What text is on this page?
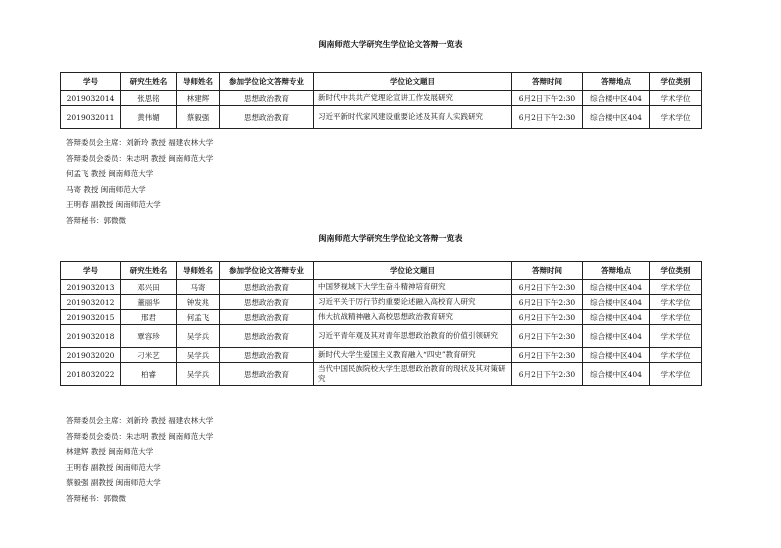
闽南师范大学研究生学位论文答辩一览表
学号	研究生姓名	导师姓名	参加学位论文答辩专业	学位论文题目	答辩时间	答辩地点	学位类别
2019032014	张思铭	林建辉	思想政治教育	新时代中共共产党理论宣讲工作发展研究	6月2日下午2:30	综合楼中区404	学术学位
2019032011	黄伟媚	蔡毅强	思想政治教育	习近平新时代家风建设重要论述及其育人实践研究	6月2日下午2:30	综合楼中区404	学术学位
答辩委员会主席：刘新玲 教授 福建农林大学
答辩委员会委员：朱志明 教授 闽南师范大学
何孟飞 教授 闽南师范大学
马寄 教授 闽南师范大学
王明春 副教授 闽南师范大学
答辩秘书：郭微微
闽南师范大学研究生学位论文答辩一览表
学号	研究生姓名	导师姓名	参加学位论文答辩专业	学位论文题目	答辩时间	答辩地点	学位类别
2019032013	邓兴田	马寄	思想政治教育	中国梦视域下大学生奋斗精神培育研究	6月2日下午2:30	综合楼中区404	学术学位
2019032012	董丽华	钟发兆	思想政治教育	习近平关于厉行节约重要论述融入高校育人研究	6月2日下午2:30	综合楼中区404	学术学位
2019032015	邢君	何孟飞	思想政治教育	伟大抗战精神融入高校思想政治教育研究	6月2日下午2:30	综合楼中区404	学术学位
2019032018	覃容珍	吴学兵	思想政治教育	习近平青年观及其对青年思想政治教育的价值引领研究	6月2日下午2:30	综合楼中区404	学术学位
2019032020	刁米艺	吴学兵	思想政治教育	新时代大学生爱国主义教育融入“四史”教育研究	6月2日下午2:30	综合楼中区404	学术学位
2018032022	柏睿	吴学兵	思想政治教育	当代中国民族院校大学生思想政治教育的现状及其对策研究	6月2日下午2:30	综合楼中区404	学术学位
答辩委员会主席：刘新玲 教授 福建农林大学
答辩委员会委员：朱志明 教授 闽南师范大学
林建辉 教授 闽南师范大学
王明春 副教授 闽南师范大学
蔡毅强 副教授 闽南师范大学
答辩秘书：郭微微
